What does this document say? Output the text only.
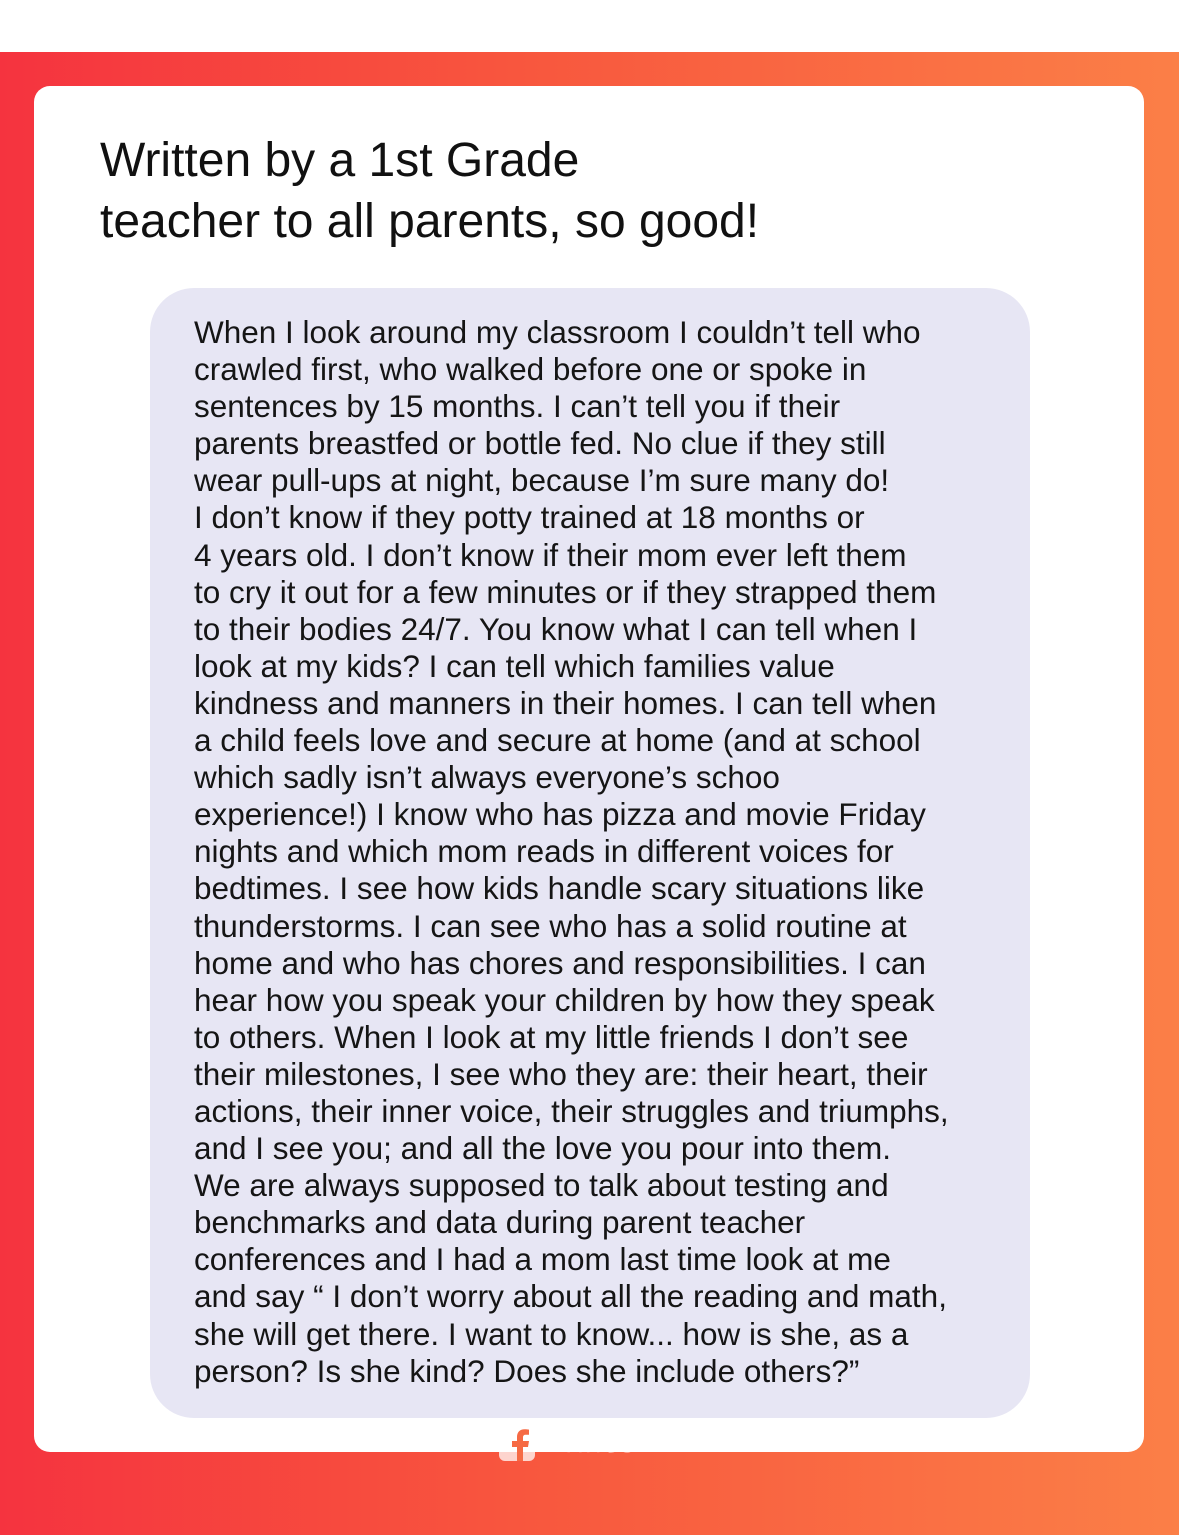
Written by a 1st Grade
teacher to all parents, so good!

When I look around my classroom I couldn’t tell who
crawled first, who walked before one or spoke in
sentences by 15 months. I can’t tell you if their
parents breastfed or bottle fed. No clue if they still
wear pull-ups at night, because I’m sure many do!
I don’t know if they potty trained at 18 months or
4 years old. I don’t know if their mom ever left them
to cry it out for a few minutes or if they strapped them
to their bodies 24/7. You know what I can tell when I
look at my kids? I can tell which families value
kindness and manners in their homes. I can tell when
a child feels love and secure at home (and at school
which sadly isn’t always everyone’s schoo
experience!) I know who has pizza and movie Friday
nights and which mom reads in different voices for
bedtimes. I see how kids handle scary situations like
thunderstorms. I can see who has a solid routine at
home and who has chores and responsibilities. I can
hear how you speak your children by how they speak
to others. When I look at my little friends I don’t see
their milestones, I see who they are: their heart, their
actions, their inner voice, their struggles and triumphs,
and I see you; and all the love you pour into them.
We are always supposed to talk about testing and
benchmarks and data during parent teacher
conferences and I had a mom last time look at me
and say “ I don’t worry about all the reading and math,
she will get there. I want to know... how is she, as a
person? Is she kind? Does she include others?”

Prince EA
